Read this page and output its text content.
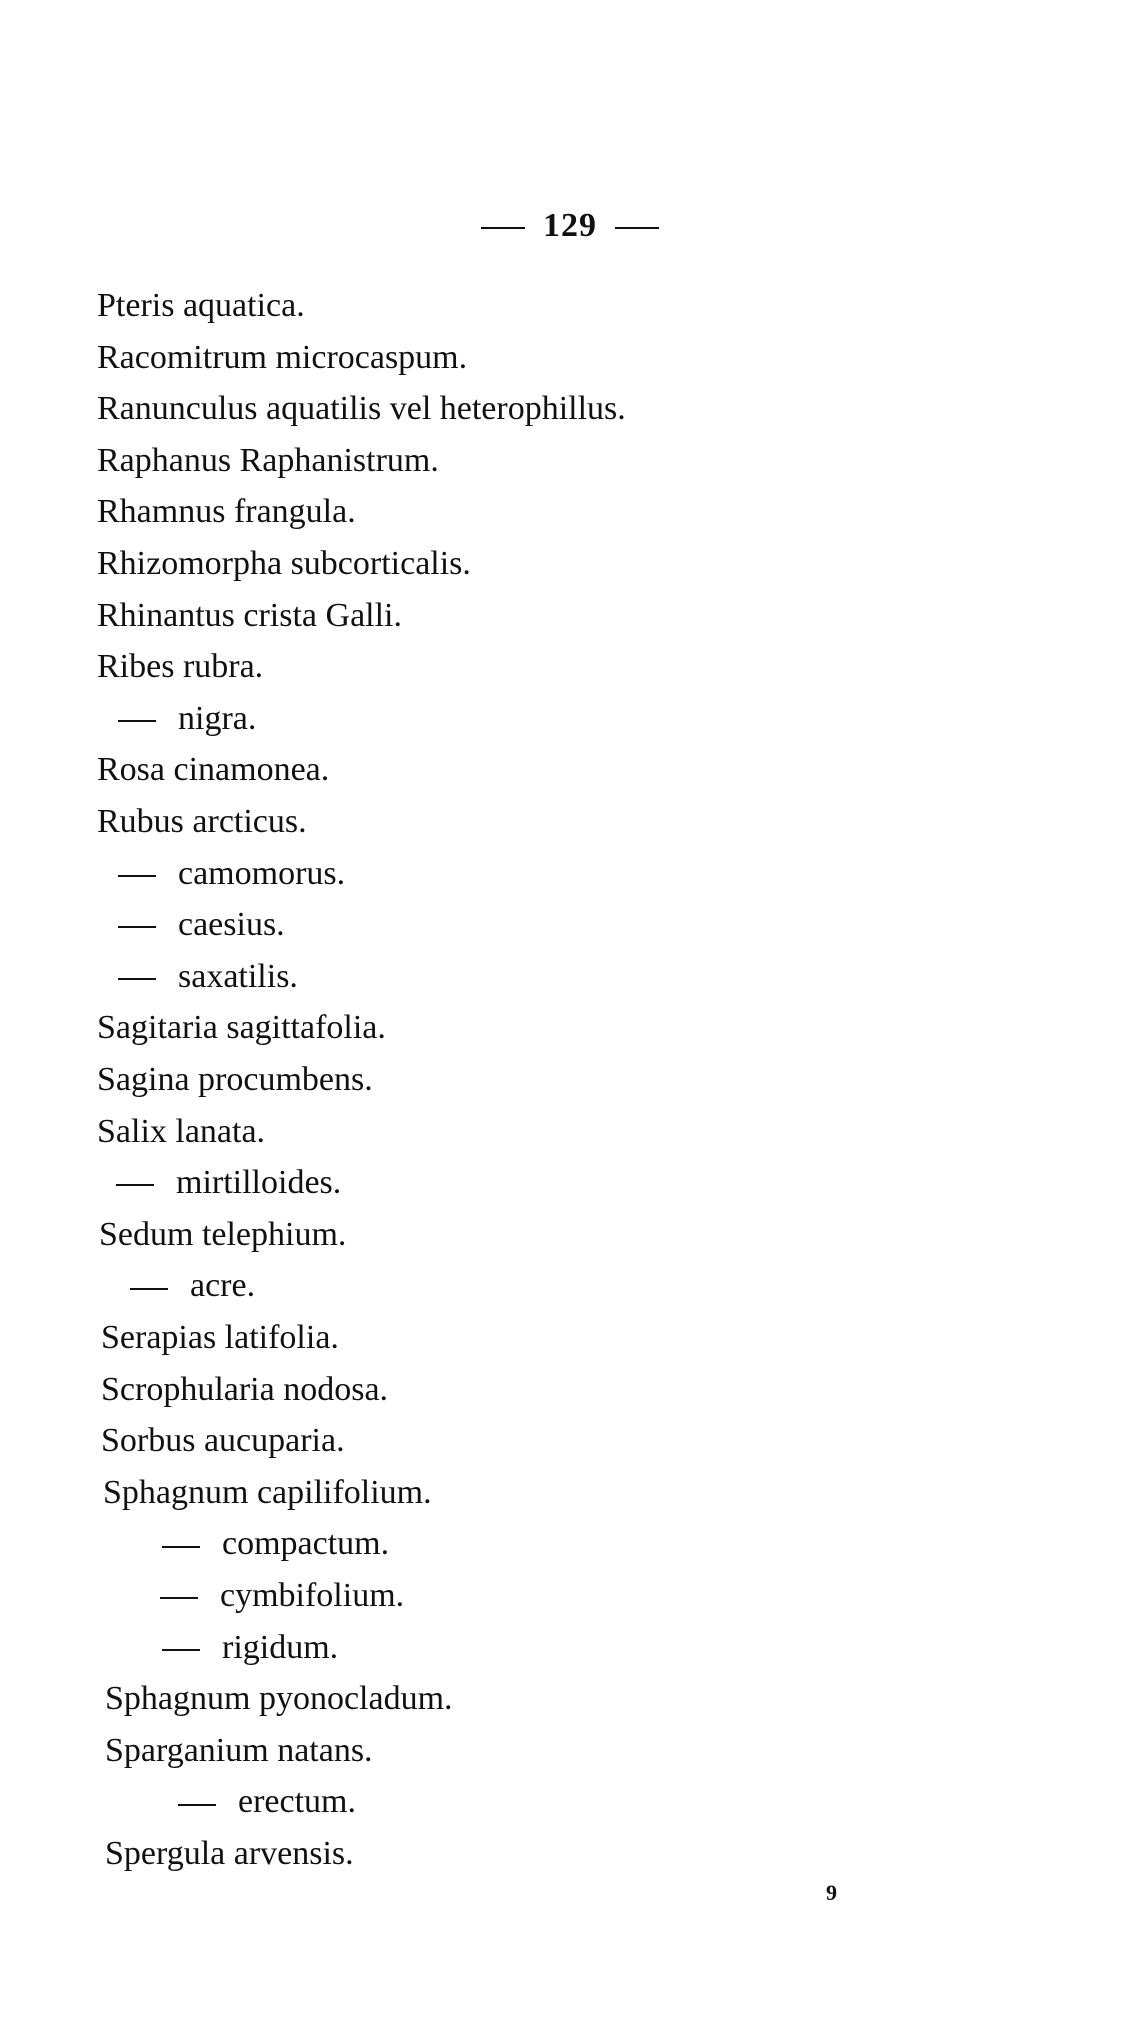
129
Pteris aquatica.
Racomitrum microcaspum.
Ranunculus aquatilis vel heterophillus.
Raphanus Raphanistrum.
Rhamnus frangula.
Rhizomorpha subcorticalis.
Rhinantus crista Galli.
Ribes rubra.
nigra.
Rosa cinamonea.
Rubus arcticus.
camomorus.
caesius.
saxatilis.
Sagitaria sagittafolia.
Sagina procumbens.
Salix lanata.
mirtilloides.
Sedum telephium.
acre.
Serapias latifolia.
Scrophularia nodosa.
Sorbus aucuparia.
Sphagnum capilifolium.
compactum.
cymbifolium.
rigidum.
Sphagnum pyonocladum.
Sparganium natans.
erectum.
Spergula arvensis.
9
